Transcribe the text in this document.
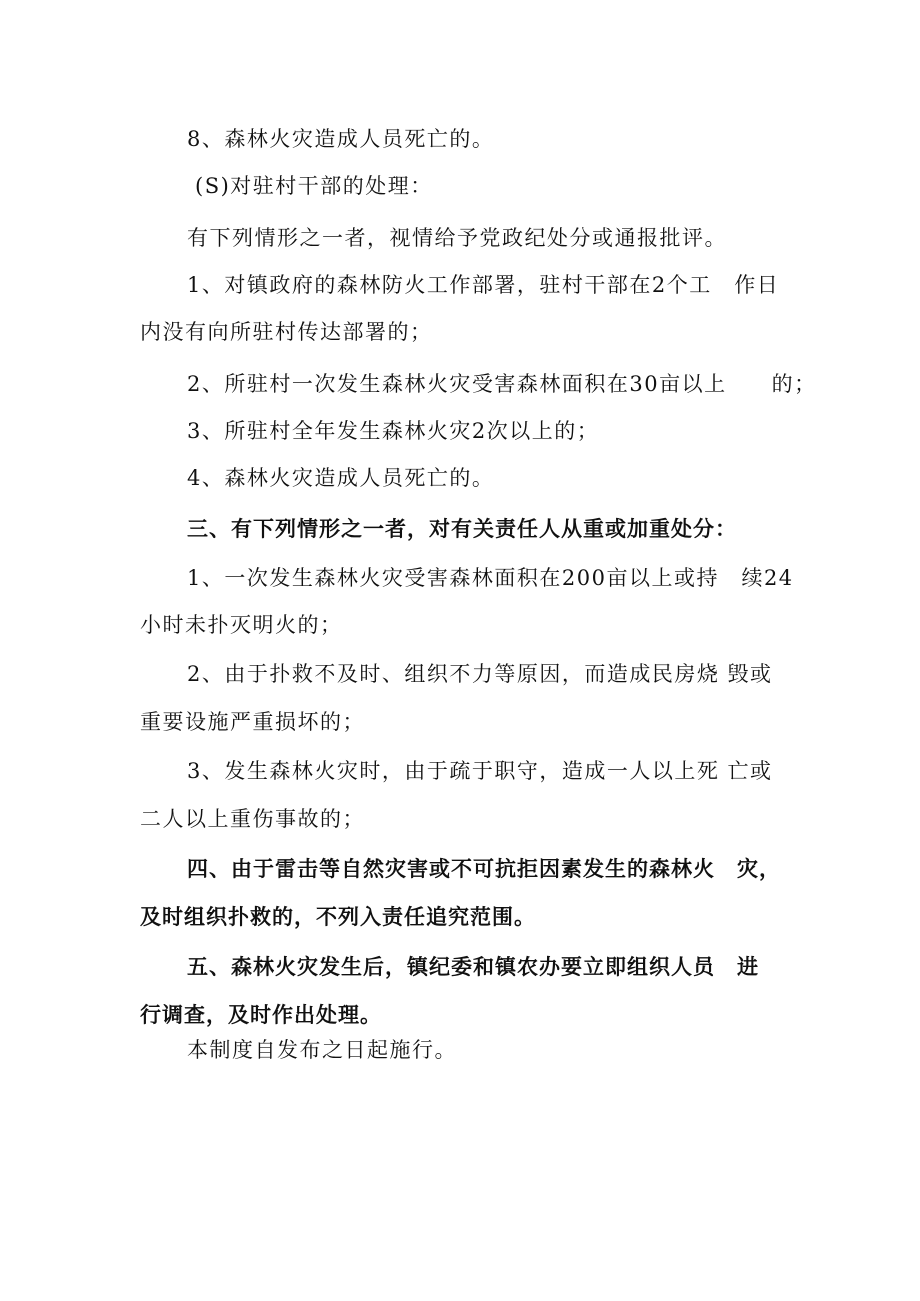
8、森林火灾造成人员死亡的。
(S)对驻村干部的处理：
有下列情形之一者，视情给予党政纪处分或通报批评。
1、对镇政府的森林防火工作部署，驻村干部在2个工　作日
内没有向所驻村传达部署的；
2、所驻村一次发生森林火灾受害森林面积在30亩以上　　的；
3、所驻村全年发生森林火灾2次以上的；
4、森林火灾造成人员死亡的。
三、有下列情形之一者，对有关责任人从重或加重处分：
1、一次发生森林火灾受害森林面积在200亩以上或持　续24
小时未扑灭明火的；
2、由于扑救不及时、组织不力等原因，而造成民房烧 毁或
重要设施严重损坏的；
3、发生森林火灾时，由于疏于职守，造成一人以上死 亡或
二人以上重伤事故的；
四、由于雷击等自然灾害或不可抗拒因素发生的森林火　灾，
及时组织扑救的，不列入责任追究范围。
五、森林火灾发生后，镇纪委和镇农办要立即组织人员　进
行调查，及时作出处理。
本制度自发布之日起施行。
